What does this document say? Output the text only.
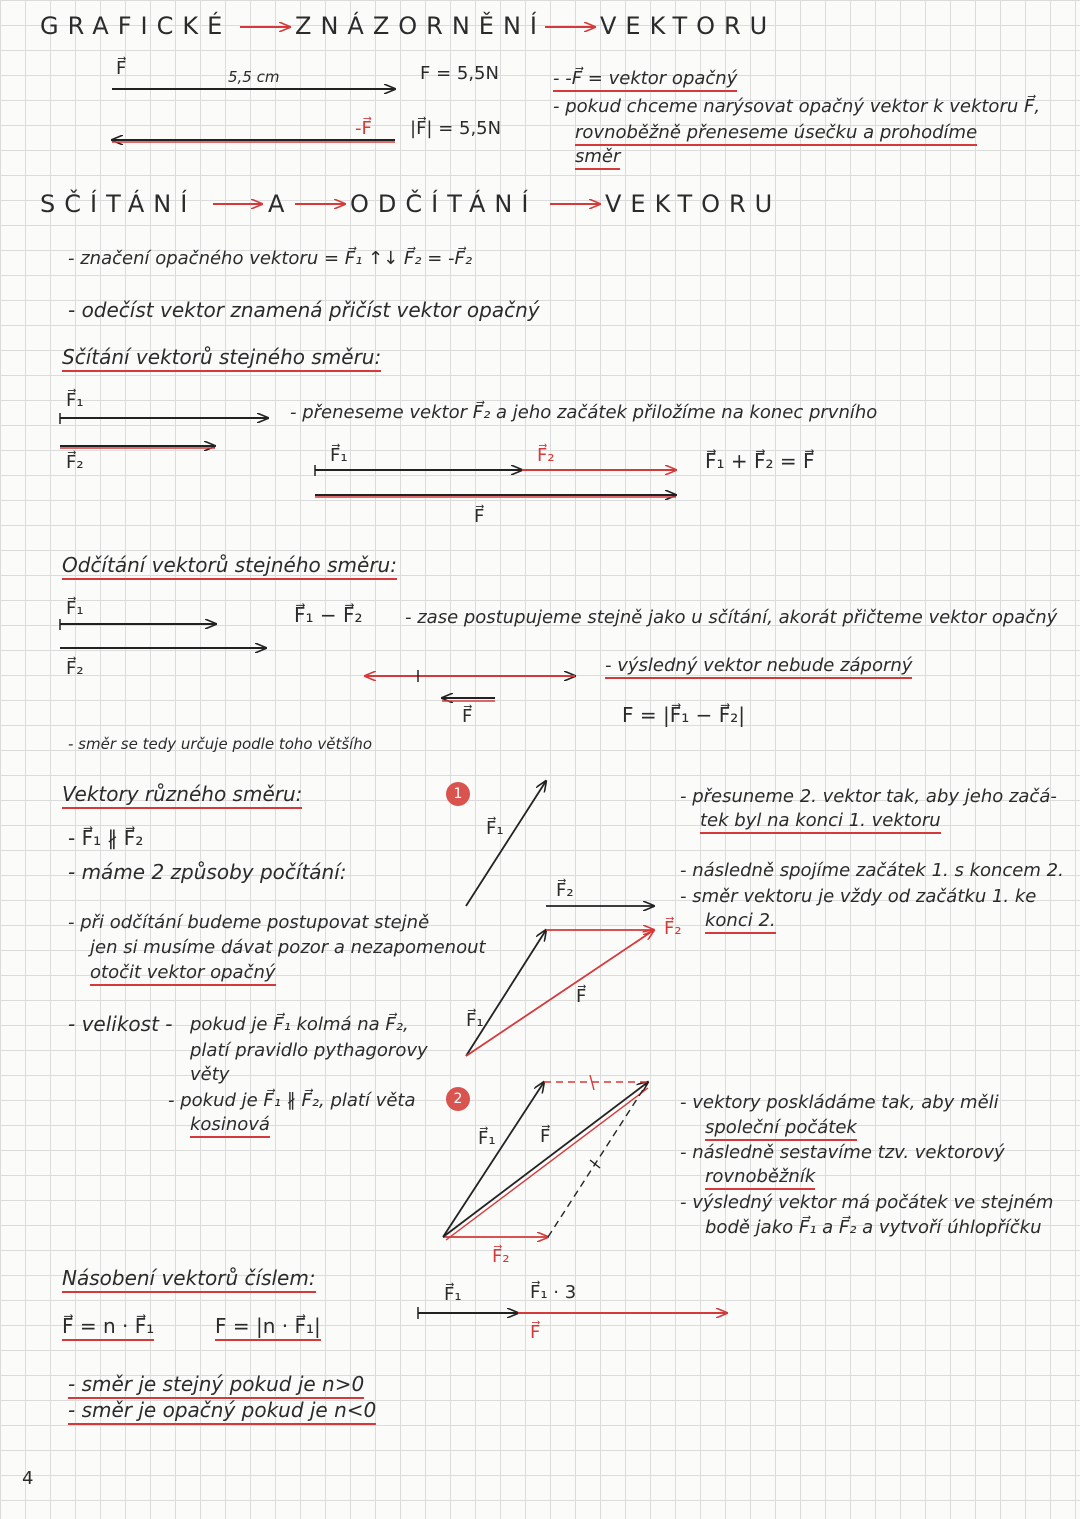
GRAFICKÉ	ZNÁZORNĚNÍ VEKTORU
F⃗	5,5 cm	F = 5,5N
-F⃗ |F⃗| = 5,5N
- -F⃗ = vektor opačný
- pokud chceme narýsovat opačný vektor k vektoru F⃗,
rovnoběžně přeneseme úsečku a prohodíme
směr
SČÍTÁNÍ	A ODČÍTÁNÍ	VEKTORU
- značení opačného vektoru = F⃗₁ ↑↓ F⃗₂ = -F⃗₂
- odečíst vektor znamená přičíst vektor opačný
Sčítání vektorů stejného směru:
F⃗₁
F⃗₂
- přeneseme vektor F⃗₂ a jeho začátek přiložíme na konec prvního
F⃗₁	F⃗₂
F⃗
F⃗₁ + F⃗₂ = F⃗
Odčítání vektorů stejného směru:
F⃗₁
F⃗₂
F⃗₁ − F⃗₂ - zase postupujeme stejně jako u sčítání, akorát přičteme vektor opačný
- výsledný vektor nebude záporný
F⃗	F = |F⃗₁ − F⃗₂|
- směr se tedy určuje podle toho většího
Vektory různého směru:
- F⃗₁ ∦ F⃗₂
- máme 2 způsoby počítání:
- při odčítání budeme postupovat stejně
jen si musíme dávat pozor a nezapomenout
otočit vektor opačný
- velikost - pokud je F⃗₁ kolmá na F⃗₂,
platí pravidlo pythagorovy
věty
- pokud je F⃗₁ ∦ F⃗₂, platí věta
kosinová
1
2
F⃗₁
F⃗₂
F⃗₂
F⃗
F⃗₁
F⃗₁ F⃗
F⃗₂
- přesuneme 2. vektor tak, aby jeho začá-
tek byl na konci 1. vektoru
- následně spojíme začátek 1. s koncem 2.
- směr vektoru je vždy od začátku 1. ke
konci 2.
- vektory poskládáme tak, aby měli
společní počátek
- následně sestavíme tzv. vektorový
rovnoběžník
- výsledný vektor má počátek ve stejném
bodě jako F⃗₁ a F⃗₂ a vytvoří úhlopříčku
Násobení vektorů číslem:
F⃗ = n · F⃗₁	F = |n · F⃗₁|
F⃗₁	F⃗₁ · 3
F⃗
- směr je stejný pokud je n>0
- směr je opačný pokud je n<0
4
